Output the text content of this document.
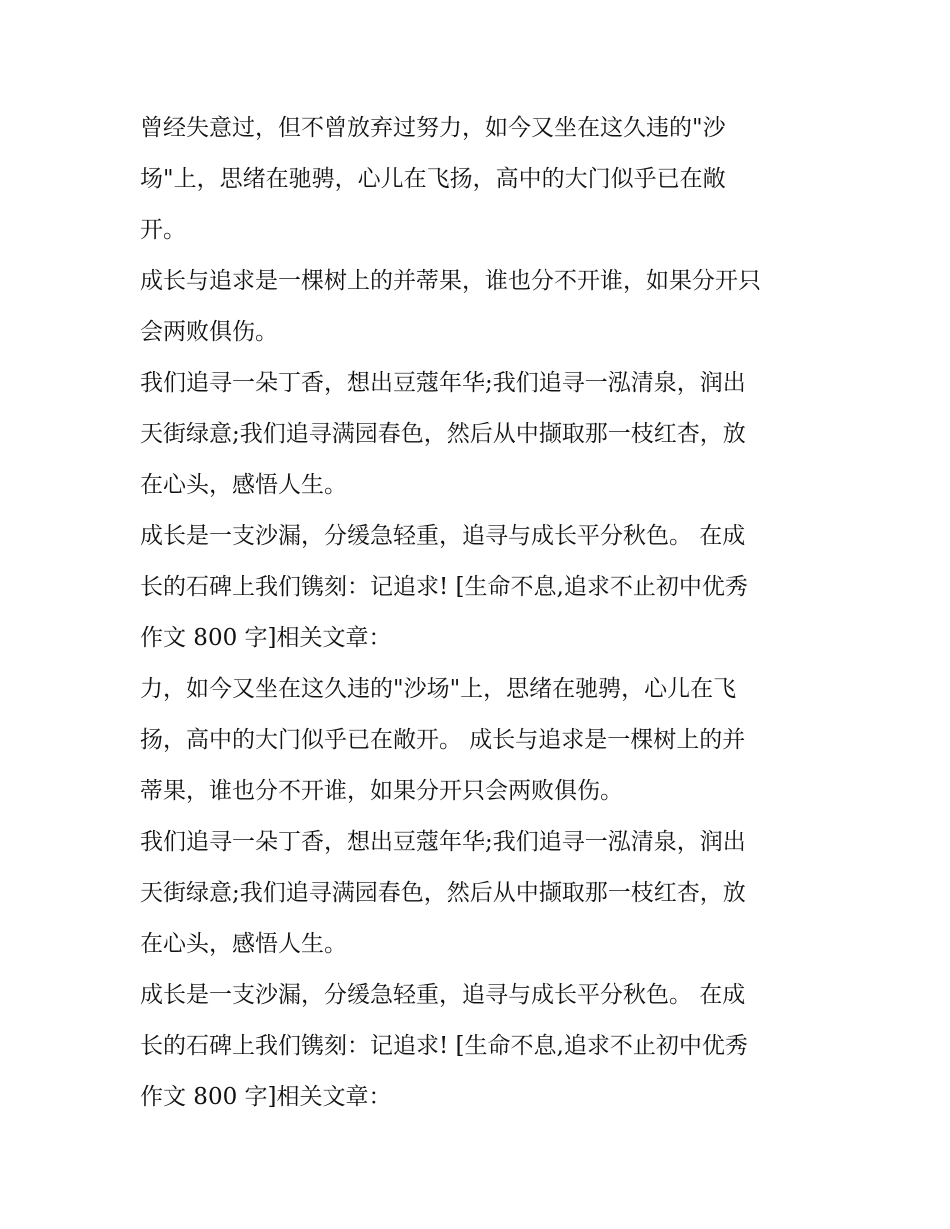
曾经失意过，但不曾放弃过努力，如今又坐在这久违的"沙
场"上，思绪在驰骋，心儿在飞扬，高中的大门似乎已在敞
开。
成长与追求是一棵树上的并蒂果，谁也分不开谁，如果分开只
会两败俱伤。
我们追寻一朵丁香，想出豆蔻年华;我们追寻一泓清泉，润出
天街绿意;我们追寻满园春色，然后从中撷取那一枝红杏，放
在心头，感悟人生。
成长是一支沙漏，分缓急轻重，追寻与成长平分秋色。 在成
长的石碑上我们镌刻：记追求! [生命不息,追求不止初中优秀
作文 800 字]相关文章：
力，如今又坐在这久违的"沙场"上，思绪在驰骋，心儿在飞
扬，高中的大门似乎已在敞开。 成长与追求是一棵树上的并
蒂果，谁也分不开谁，如果分开只会两败俱伤。
我们追寻一朵丁香，想出豆蔻年华;我们追寻一泓清泉，润出
天街绿意;我们追寻满园春色，然后从中撷取那一枝红杏，放
在心头，感悟人生。
成长是一支沙漏，分缓急轻重，追寻与成长平分秋色。 在成
长的石碑上我们镌刻：记追求! [生命不息,追求不止初中优秀
作文 800 字]相关文章：
